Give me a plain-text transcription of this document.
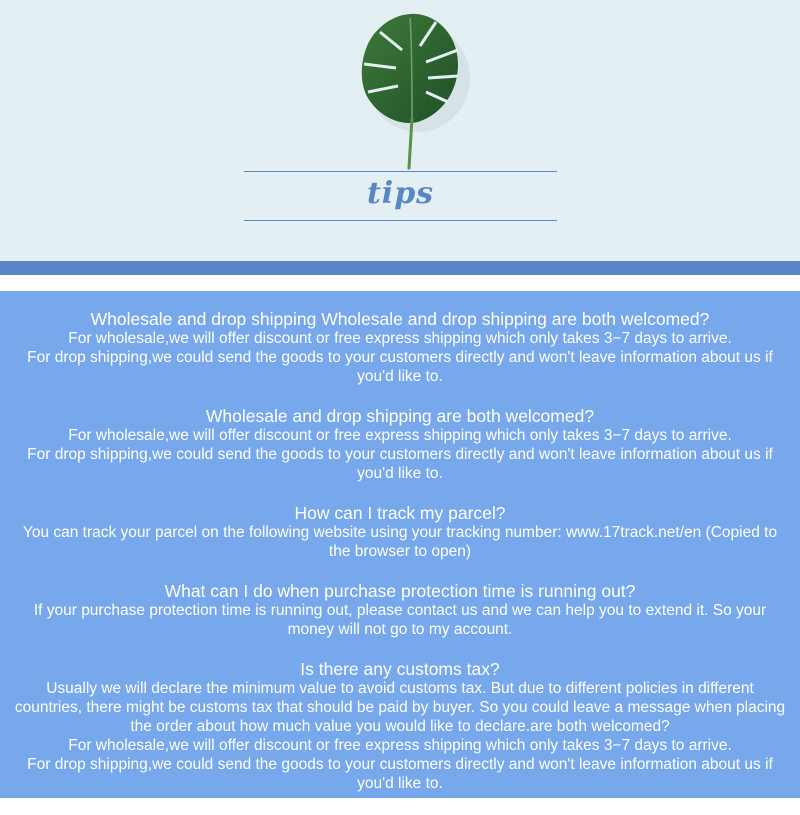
tips
Wholesale and drop shipping Wholesale and drop shipping are both welcomed?

For wholesale,we will offer discount or free express shipping which only takes 3−7 days to arrive.

For drop shipping,we could send the goods to your customers directly and won't leave information about us if you'd like to.

Wholesale and drop shipping are both welcomed?

For wholesale,we will offer discount or free express shipping which only takes 3−7 days to arrive.

For drop shipping,we could send the goods to your customers directly and won't leave information about us if you'd like to.

How can I track my parcel?

You can track your parcel on the following website using your tracking number: www.17track.net/en (Copied to the browser to open)

What can I do when purchase protection time is running out?

If your purchase protection time is running out, please contact us and we can help you to extend it. So your money will not go to my account.

Is there any customs tax?

Usually we will declare the minimum value to avoid customs tax. But due to different policies in different countries, there might be customs tax that should be paid by buyer. So you could leave a message when placing the order about how much value you would like to declare.are both welcomed?

For wholesale,we will offer discount or free express shipping which only takes 3−7 days to arrive.

For drop shipping,we could send the goods to your customers directly and won't leave information about us if you'd like to.
